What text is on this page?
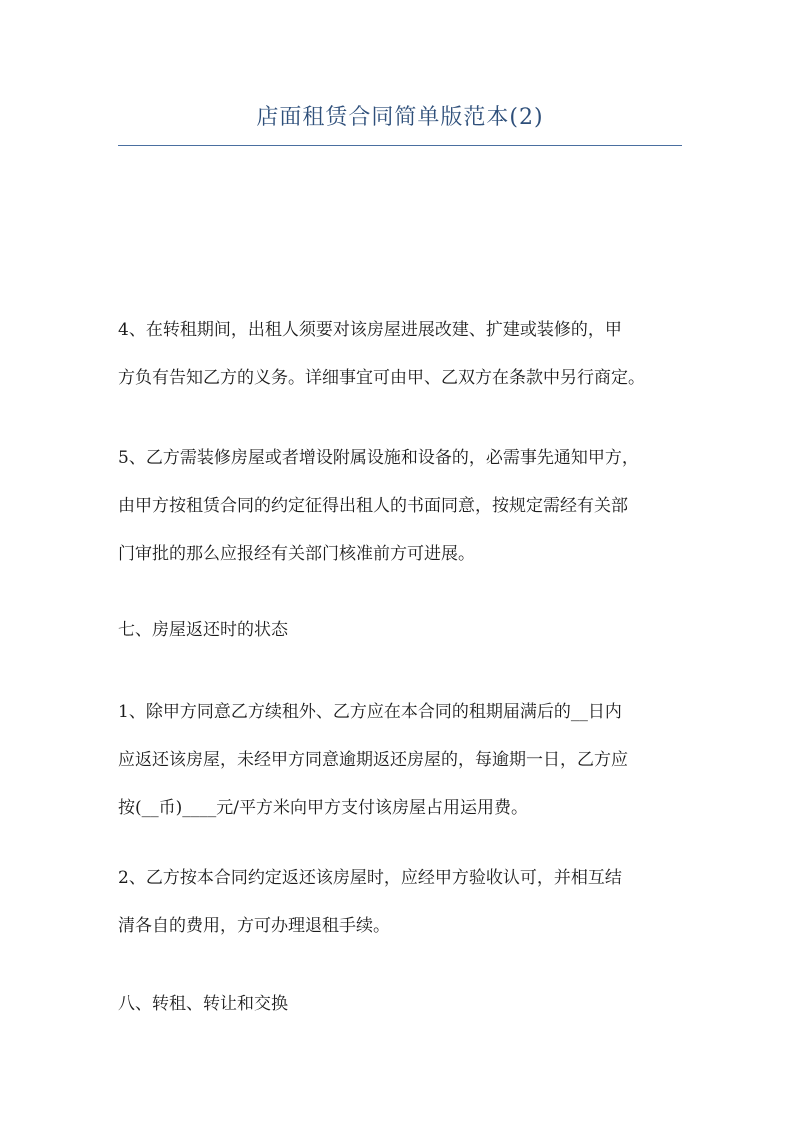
店面租赁合同简单版范本(2)
4、在转租期间，出租人须要对该房屋进展改建、扩建或装修的，甲
方负有告知乙方的义务。详细事宜可由甲、乙双方在条款中另行商定。
5、乙方需装修房屋或者增设附属设施和设备的，必需事先通知甲方，
由甲方按租赁合同的约定征得出租人的书面同意，按规定需经有关部
门审批的那么应报经有关部门核准前方可进展。
七、房屋返还时的状态
1、除甲方同意乙方续租外、乙方应在本合同的租期届满后的__日内
应返还该房屋，未经甲方同意逾期返还房屋的，每逾期一日，乙方应
按(__币)____元/平方米向甲方支付该房屋占用运用费。
2、乙方按本合同约定返还该房屋时，应经甲方验收认可，并相互结
清各自的费用，方可办理退租手续。
八、转租、转让和交换
